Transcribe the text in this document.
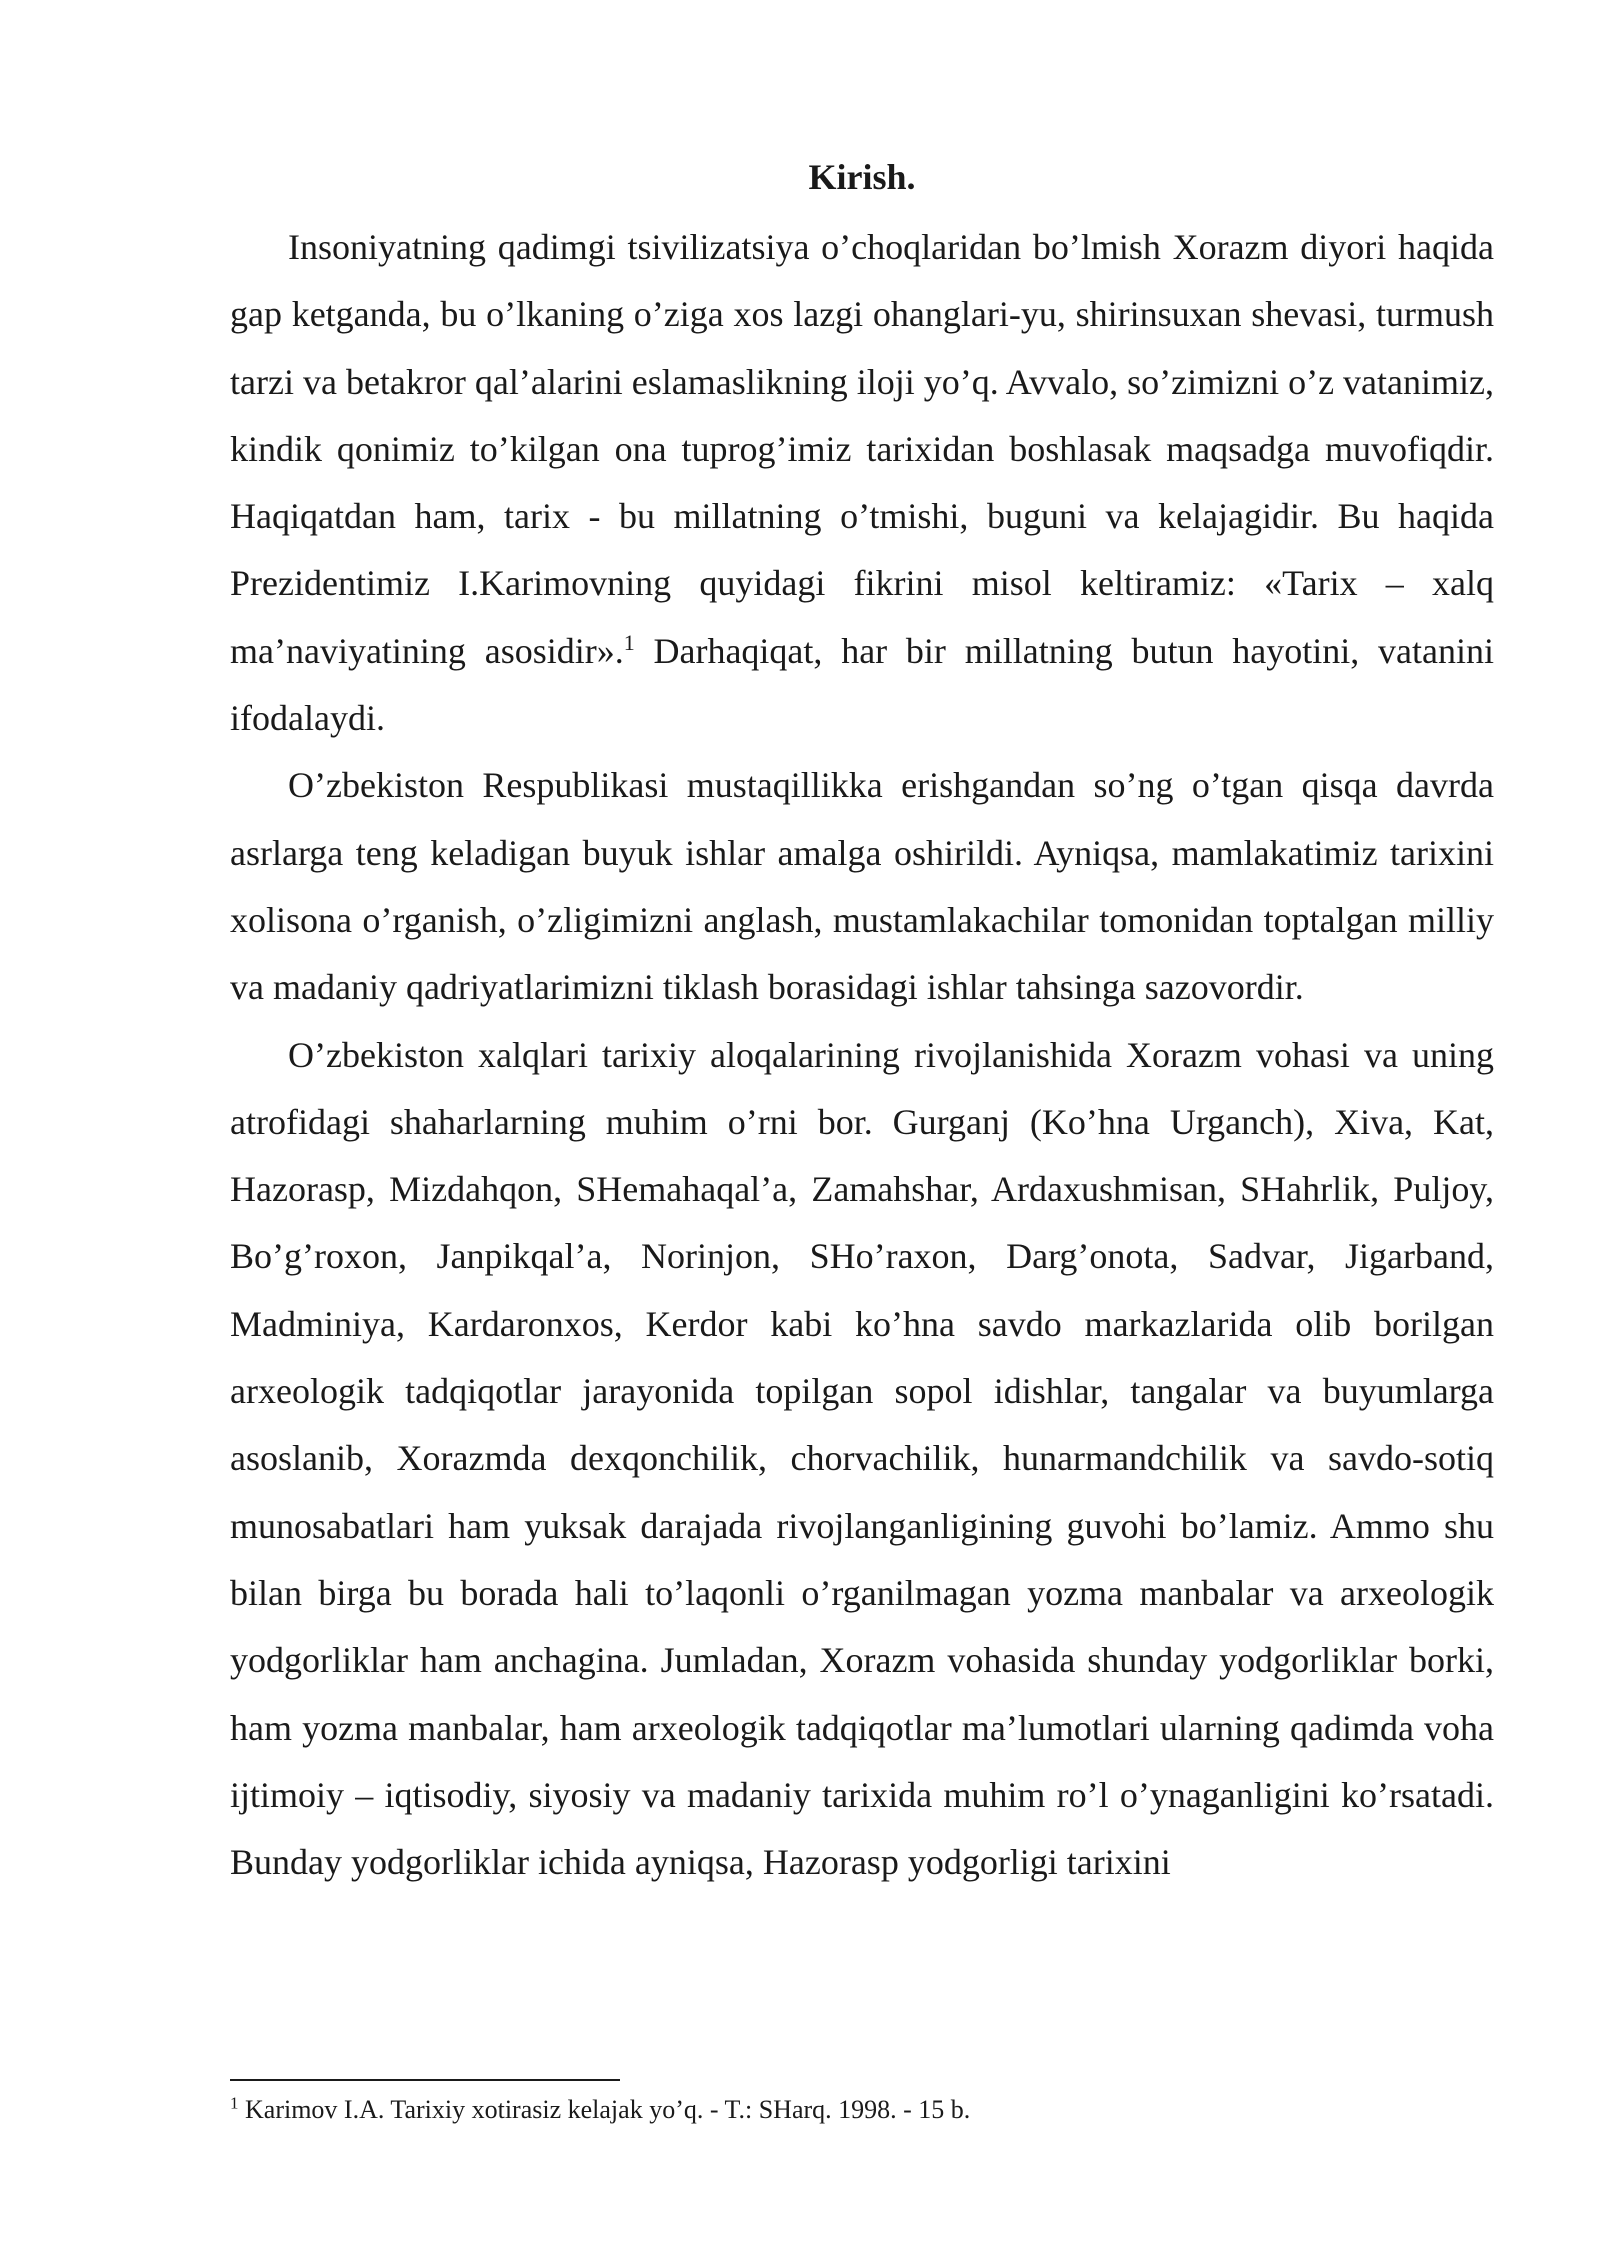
Kirish.

Insoniyatning qadimgi tsivilizatsiya o’choqlaridan bo’lmish Xorazm diyori haqida gap ketganda, bu o’lkaning o’ziga xos lazgi ohanglari-yu, shirinsuxan shevasi, turmush tarzi va betakror qal’alarini eslamaslikning iloji yo’q. Avvalo, so’zimizni o’z vatanimiz, kindik qonimiz to’kilgan ona tuprog’imiz tarixidan boshlasak maqsadga muvofiqdir. Haqiqatdan ham, tarix - bu millatning o’tmishi, buguni va kelajagidir. Bu haqida Prezidentimiz I.Karimovning quyidagi fikrini misol keltiramiz: «Tarix – xalq ma’naviyatining asosidir».$^1$ Darhaqiqat, har bir millatning butun hayotini, vatanini ifodalaydi.

O’zbekiston Respublikasi mustaqillikka erishgandan so’ng o’tgan qisqa davrda asrlarga teng keladigan buyuk ishlar amalga oshirildi. Ayniqsa, mamlakatimiz tarixini xolisona o’rganish, o’zligimizni anglash, mustamlakachilar tomonidan toptalgan milliy va madaniy qadriyatlarimizni tiklash borasidagi ishlar tahsinga sazovordir.

O’zbekiston xalqlari tarixiy aloqalarining rivojlanishida Xorazm vohasi va uning atrofidagi shaharlarning muhim o’rni bor. Gurganj (Ko’hna Urganch), Xiva, Kat, Hazorasp, Mizdahqon, SHemahaqal’a, Zamahshar, Ardaxushmisan, SHahrlik, Puljoy, Bo’g’roxon, Janpikqal’a, Norinjon, SHo’raxon, Darg’onota, Sadvar, Jigarband, Madminiya, Kardaronxos, Kerdor kabi ko’hna savdo markazlarida olib borilgan arxeologik tadqiqotlar jarayonida topilgan sopol idishlar, tangalar va buyumlarga asoslanib, Xorazmda dexqonchilik, chorvachilik, hunarmandchilik va savdo-sotiq munosabatlari ham yuksak darajada rivojlanganligining guvohi bo’lamiz. Ammo shu bilan birga bu borada hali to’laqonli o’rganilmagan yozma manbalar va arxeologik yodgorliklar ham anchagina. Jumladan, Xorazm vohasida shunday yodgorliklar borki, ham yozma manbalar, ham arxeologik tadqiqotlar ma’lumotlari ularning qadimda voha ijtimoiy – iqtisodiy, siyosiy va madaniy tarixida muhim ro’l o’ynaganligini ko’rsatadi. Bunday yodgorliklar ichida ayniqsa, Hazorasp yodgorligi tarixini

$^1$ Karimov I.A. Tarixiy xotirasiz kelajak yo’q. - T.: SHarq. 1998. - 15 b.
